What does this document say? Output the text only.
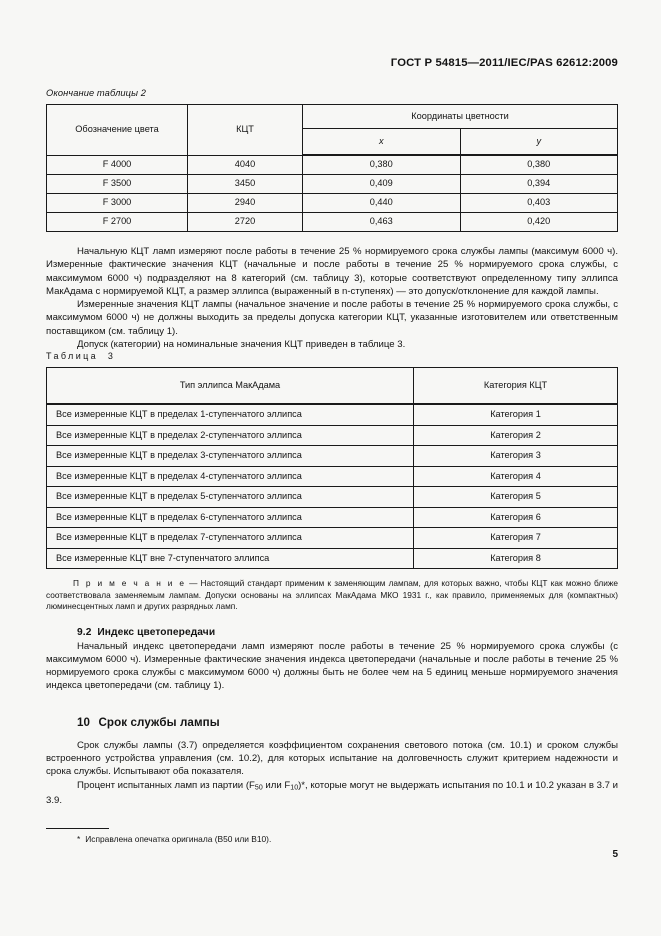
ГОСТ Р 54815—2011/IEC/PAS 62612:2009
Окончание таблицы 2
Обозначение цвета	КЦТ	Координаты цветности	
		x	y
F 4000	4040	0,380	0,380
F 3500	3450	0,409	0,394
F 3000	2940	0,440	0,403
F 2700	2720	0,463	0,420

Начальную КЦТ ламп измеряют после работы в течение 25 % нормируемого срока службы лампы (максимум 6000 ч). Измеренные фактические значения КЦТ (начальные и после работы в течение 25 % нормируемого срока службы, с максимумом 6000 ч) подразделяют на 8 категорий (см. таблицу 3), которые соответствуют определенному типу эллипса МакАдама с нормируемой КЦТ, а размер эллипса (выраженный в n-ступенях) — это допуск/отклонение для каждой лампы.

Измеренные значения КЦТ лампы (начальное значение и после работы в течение 25 % нормируемого срока службы, с максимумом 6000 ч) не должны выходить за пределы допуска категории КЦТ, указанные изготовителем или ответственным поставщиком (см. таблицу 1).

Допуск (категории) на номинальные значения КЦТ приведен в таблице 3.

Таблица 3
Тип эллипса МакАдама	Категория КЦТ
Все измеренные КЦТ в пределах 1-ступенчатого эллипса	Категория 1
Все измеренные КЦТ в пределах 2-ступенчатого эллипса	Категория 2
Все измеренные КЦТ в пределах 3-ступенчатого эллипса	Категория 3
Все измеренные КЦТ в пределах 4-ступенчатого эллипса	Категория 4
Все измеренные КЦТ в пределах 5-ступенчатого эллипса	Категория 5
Все измеренные КЦТ в пределах 6-ступенчатого эллипса	Категория 6
Все измеренные КЦТ в пределах 7-ступенчатого эллипса	Категория 7
Все измеренные КЦТ вне 7-ступенчатого эллипса	Категория 8

П р и м е ч а н и е — Настоящий стандарт применим к заменяющим лампам, для которых важно, чтобы КЦТ как можно ближе соответствовала заменяемым лампам. Допуски основаны на эллипсах МакАдама МКО 1931 г., как правило, применяемых для (компактных) люминесцентных ламп и других разрядных ламп.

9.2 Индекс цветопередачи

Начальный индекс цветопередачи ламп измеряют после работы в течение 25 % нормируемого срока службы (с максимумом 6000 ч). Измеренные фактические значения индекса цветопередачи (начальные и после работы в течение 25 % нормируемого срока службы с максимумом 6000 ч) должны быть не более чем на 5 единиц меньше нормируемого значения индекса цветопередачи (см. таблицу 1).

10 Срок службы лампы

Срок службы лампы (3.7) определяется коэффициентом сохранения светового потока (см. 10.1) и сроком службы встроенного устройства управления (см. 10.2), для которых испытание на долговечность служит критерием надежности и срока службы. Испытывают оба показателя.

Процент испытанных ламп из партии ($F_{50}$ или $F_{10})*$, которые могут не выдержать испытания по 10.1 и 10.2 указан в 3.7 и 3.9.

* Исправлена опечатка оригинала (B50 или B10).

5
